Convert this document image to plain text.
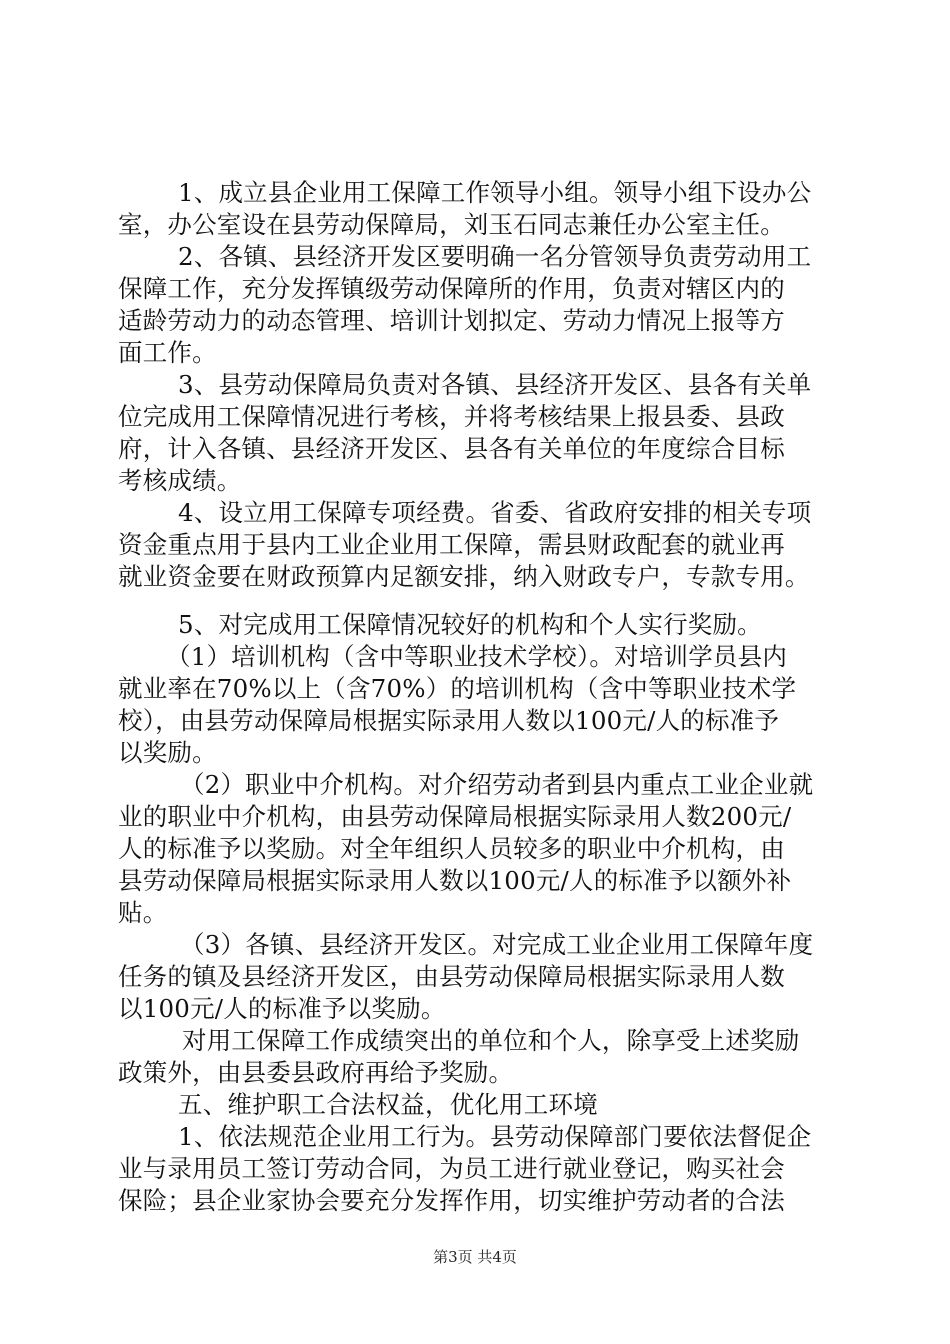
1、成立县企业用工保障工作领导小组。领导小组下设办公
室，办公室设在县劳动保障局，刘玉石同志兼任办公室主任。
2、各镇、县经济开发区要明确一名分管领导负责劳动用工
保障工作，充分发挥镇级劳动保障所的作用，负责对辖区内的
适龄劳动力的动态管理、培训计划拟定、劳动力情况上报等方
面工作。
3、县劳动保障局负责对各镇、县经济开发区、县各有关单
位完成用工保障情况进行考核，并将考核结果上报县委、县政
府，计入各镇、县经济开发区、县各有关单位的年度综合目标
考核成绩。
4、设立用工保障专项经费。省委、省政府安排的相关专项
资金重点用于县内工业企业用工保障，需县财政配套的就业再
就业资金要在财政预算内足额安排，纳入财政专户，专款专用。
5、对完成用工保障情况较好的机构和个人实行奖励。
（1）培训机构（含中等职业技术学校）。对培训学员县内
就业率在70%以上（含70%）的培训机构（含中等职业技术学
校），由县劳动保障局根据实际录用人数以100元/人的标准予
以奖励。
（2）职业中介机构。对介绍劳动者到县内重点工业企业就
业的职业中介机构，由县劳动保障局根据实际录用人数200元/
人的标准予以奖励。对全年组织人员较多的职业中介机构，由
县劳动保障局根据实际录用人数以100元/人的标准予以额外补
贴。
（3）各镇、县经济开发区。对完成工业企业用工保障年度
任务的镇及县经济开发区，由县劳动保障局根据实际录用人数
以100元/人的标准予以奖励。
对用工保障工作成绩突出的单位和个人，除享受上述奖励
政策外，由县委县政府再给予奖励。
五、维护职工合法权益，优化用工环境
1、依法规范企业用工行为。县劳动保障部门要依法督促企
业与录用员工签订劳动合同，为员工进行就业登记，购买社会
保险；县企业家协会要充分发挥作用，切实维护劳动者的合法
第3页 共4页
